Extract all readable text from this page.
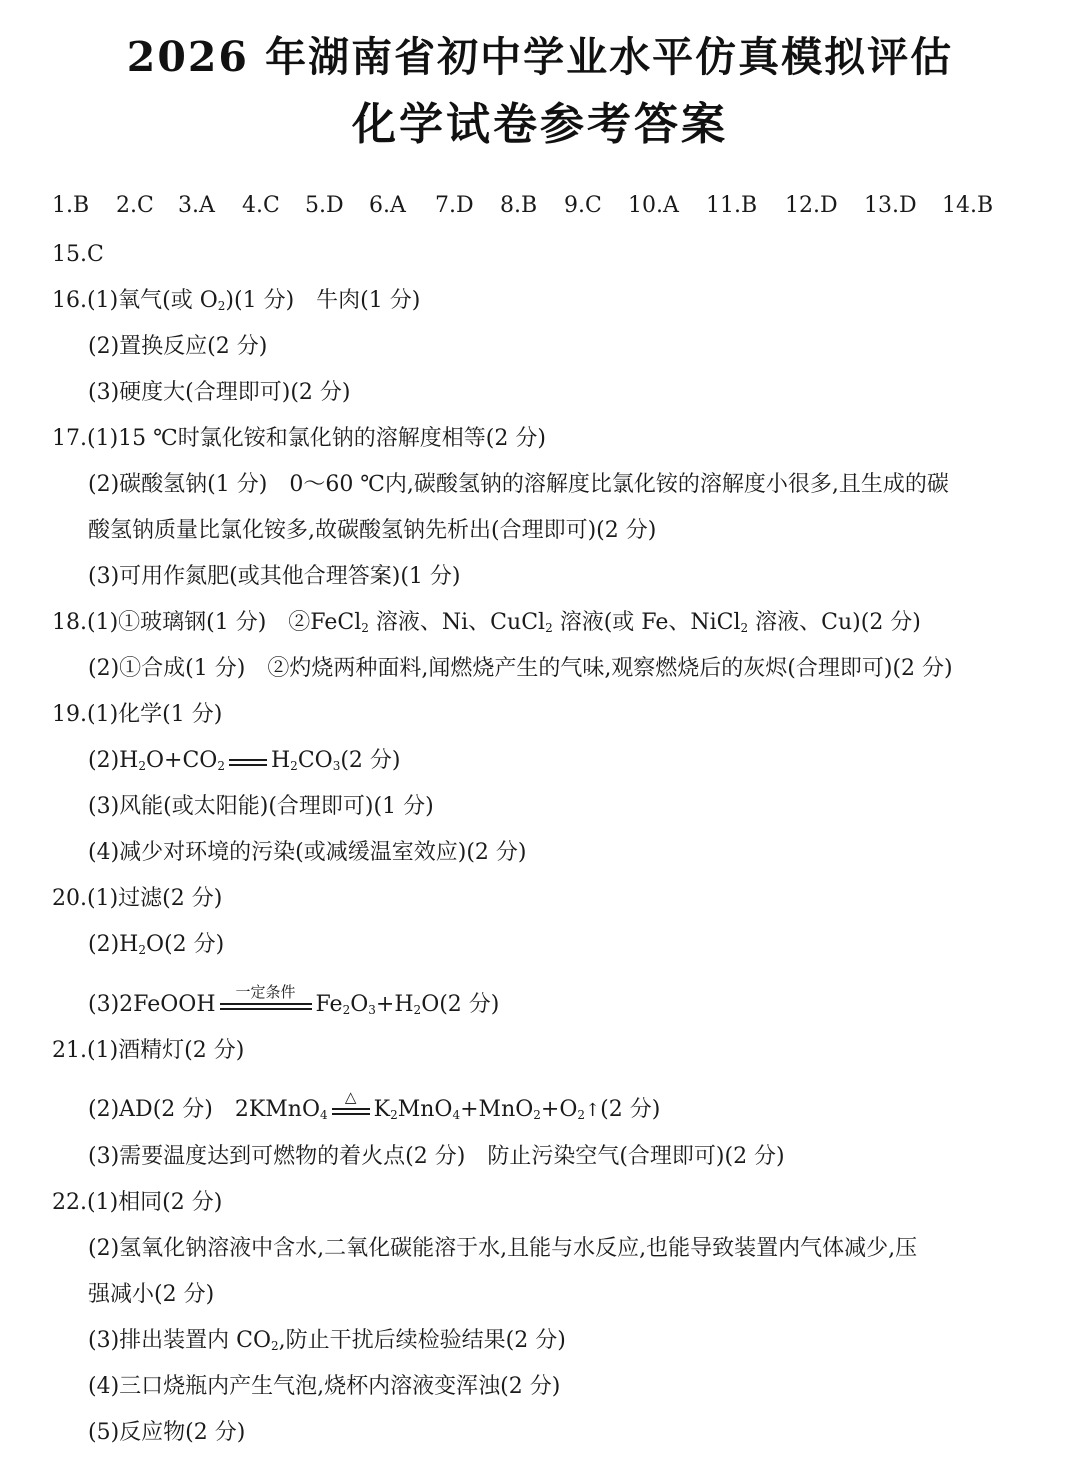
2026 年湖南省初中学业水平仿真模拟评估
化学试卷参考答案
1.B 2.C 3.A 4.C 5.D 6.A 7.D 8.B 9.C 10.A 11.B 12.D 13.D 14.B
15.C
16.(1)氧气(或 $O_2)(1$ 分)　牛肉(1 分)
(2)置换反应(2 分)
(3)硬度大(合理即可)(2 分)
17.(1)15 ℃时氯化铵和氯化钠的溶解度相等(2 分)
(2)碳酸氢钠(1 分)　0～60 ℃内,碳酸氢钠的溶解度比氯化铵的溶解度小很多,且生成的碳
酸氢钠质量比氯化铵多,故碳酸氢钠先析出(合理即可)(2 分)
(3)可用作氮肥(或其他合理答案)(1 分)
18.(1)①玻璃钢(1 分)　②FeCl$_2$ 溶液、Ni、CuCl$_2$ 溶液(或 Fe、NiCl$_2$ 溶液、Cu)(2 分)
(2)①合成(1 分)　②灼烧两种面料,闻燃烧产生的气味,观察燃烧后的灰烬(合理即可)(2 分)
19.(1)化学(1 分)
$(2)H_2O+CO_2$ $H_2CO_3(2$ 分)
(3)风能(或太阳能)(合理即可)(1 分)
(4)减少对环境的污染(或减缓温室效应)(2 分)
20.(1)过滤(2 分)
$(2)H_2O(2$ 分)
(3)2FeOOH	一定条件 $Fe_2O_3+H_2O(2$ 分)
21.(1)酒精灯(2 分)
(2)AD(2 分)　2KMnO$_4$
△ $K_2MnO_4+MnO_2+O_2↑(2$ 分)
(3)需要温度达到可燃物的着火点(2 分)　防止污染空气(合理即可)(2 分)
22.(1)相同(2 分)
(2)氢氧化钠溶液中含水,二氧化碳能溶于水,且能与水反应,也能导致装置内气体减少,压
强减小(2 分)
(3)排出装置内 $CO_2$,防止干扰后续检验结果(2 分)
(4)三口烧瓶内产生气泡,烧杯内溶液变浑浊(2 分)
(5)反应物(2 分)
